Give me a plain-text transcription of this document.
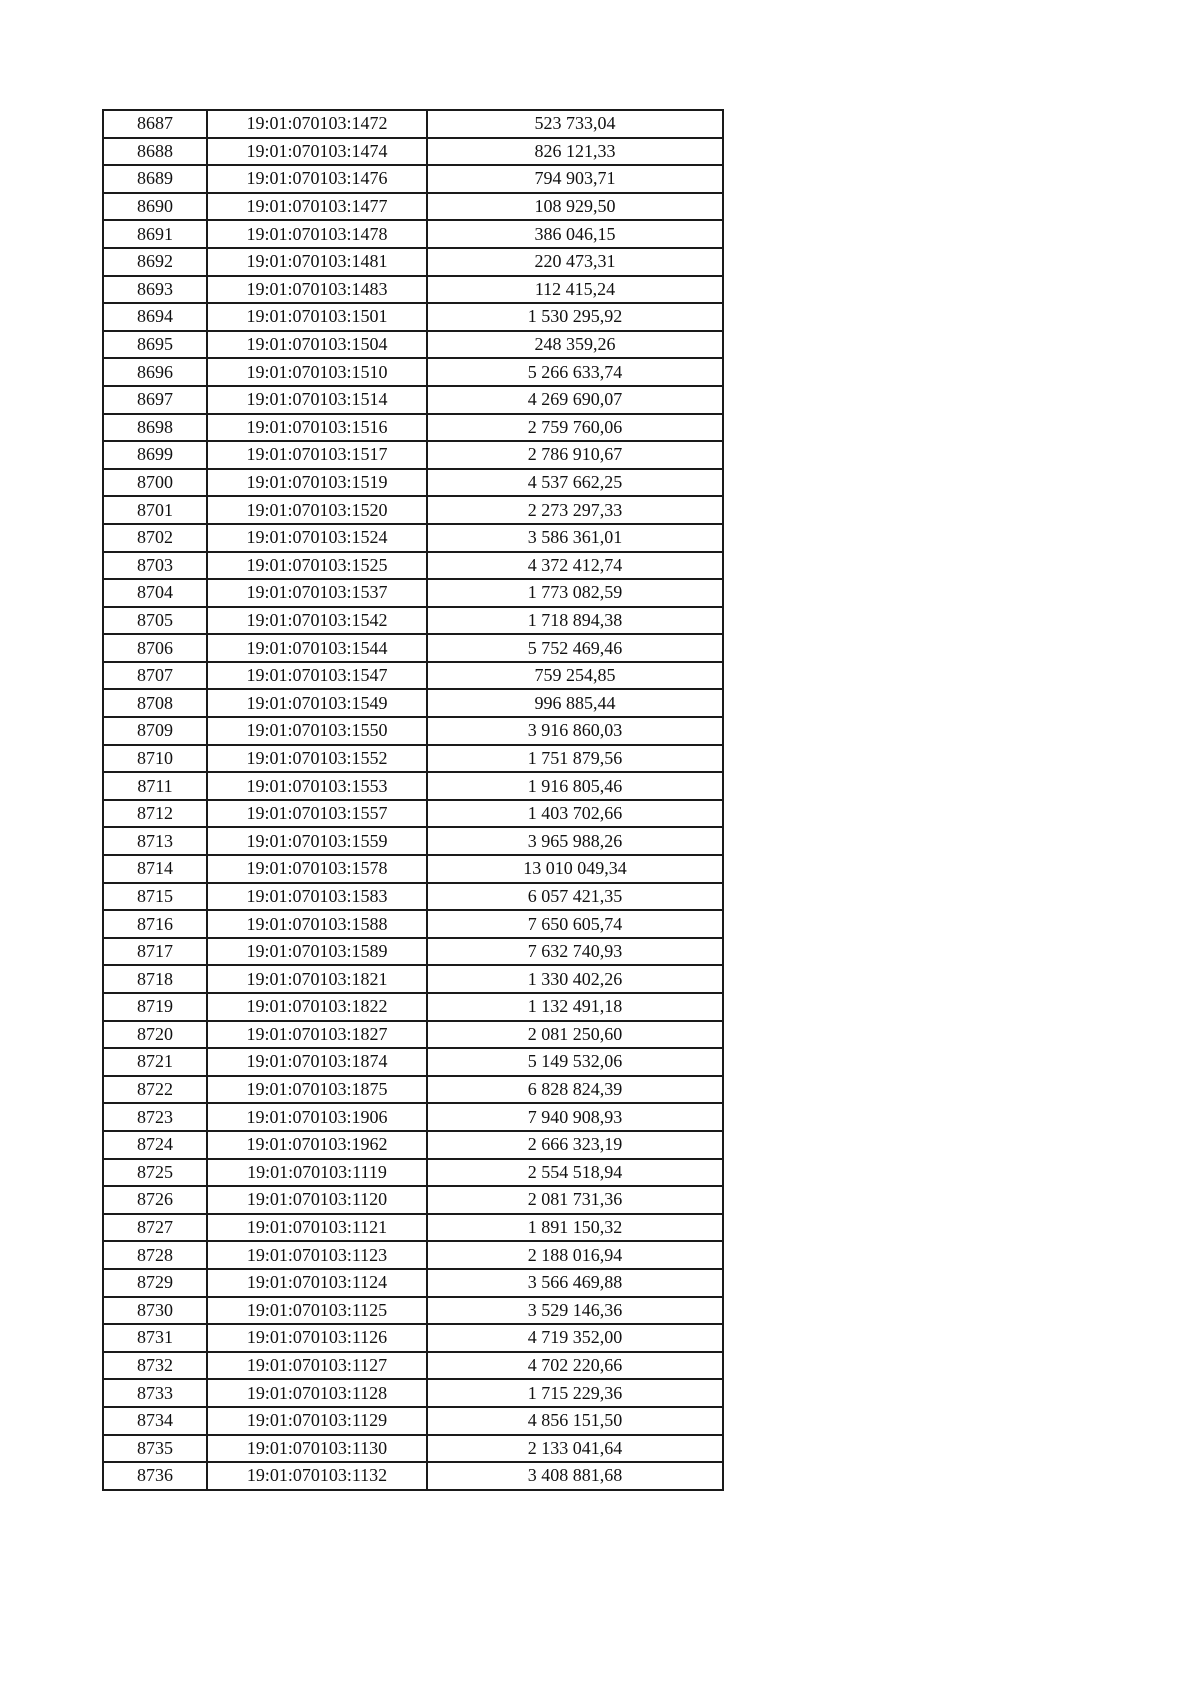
8687	19:01:070103:1472	523 733,04
8688	19:01:070103:1474	826 121,33
8689	19:01:070103:1476	794 903,71
8690	19:01:070103:1477	108 929,50
8691	19:01:070103:1478	386 046,15
8692	19:01:070103:1481	220 473,31
8693	19:01:070103:1483	112 415,24
8694	19:01:070103:1501	1 530 295,92
8695	19:01:070103:1504	248 359,26
8696	19:01:070103:1510	5 266 633,74
8697	19:01:070103:1514	4 269 690,07
8698	19:01:070103:1516	2 759 760,06
8699	19:01:070103:1517	2 786 910,67
8700	19:01:070103:1519	4 537 662,25
8701	19:01:070103:1520	2 273 297,33
8702	19:01:070103:1524	3 586 361,01
8703	19:01:070103:1525	4 372 412,74
8704	19:01:070103:1537	1 773 082,59
8705	19:01:070103:1542	1 718 894,38
8706	19:01:070103:1544	5 752 469,46
8707	19:01:070103:1547	759 254,85
8708	19:01:070103:1549	996 885,44
8709	19:01:070103:1550	3 916 860,03
8710	19:01:070103:1552	1 751 879,56
8711	19:01:070103:1553	1 916 805,46
8712	19:01:070103:1557	1 403 702,66
8713	19:01:070103:1559	3 965 988,26
8714	19:01:070103:1578	13 010 049,34
8715	19:01:070103:1583	6 057 421,35
8716	19:01:070103:1588	7 650 605,74
8717	19:01:070103:1589	7 632 740,93
8718	19:01:070103:1821	1 330 402,26
8719	19:01:070103:1822	1 132 491,18
8720	19:01:070103:1827	2 081 250,60
8721	19:01:070103:1874	5 149 532,06
8722	19:01:070103:1875	6 828 824,39
8723	19:01:070103:1906	7 940 908,93
8724	19:01:070103:1962	2 666 323,19
8725	19:01:070103:1119	2 554 518,94
8726	19:01:070103:1120	2 081 731,36
8727	19:01:070103:1121	1 891 150,32
8728	19:01:070103:1123	2 188 016,94
8729	19:01:070103:1124	3 566 469,88
8730	19:01:070103:1125	3 529 146,36
8731	19:01:070103:1126	4 719 352,00
8732	19:01:070103:1127	4 702 220,66
8733	19:01:070103:1128	1 715 229,36
8734	19:01:070103:1129	4 856 151,50
8735	19:01:070103:1130	2 133 041,64
8736	19:01:070103:1132	3 408 881,68
